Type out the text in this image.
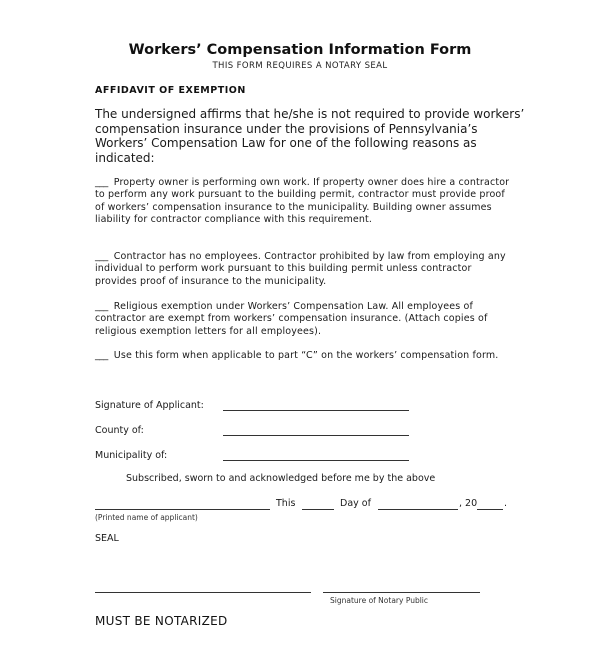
Workers’ Compensation Information Form
THIS FORM REQUIRES A NOTARY SEAL
AFFIDAVIT OF EXEMPTION
The undersigned affirms that he/she is not required to provide workers’ compensation insurance under the provisions of Pennsylvania’s Workers’ Compensation Law for one of the following reasons as indicated:
___ Property owner is performing own work. If property owner does hire a contractor to perform any work pursuant to the building permit, contractor must provide proof of workers’ compensation insurance to the municipality. Building owner assumes liability for contractor compliance with this requirement.
___ Contractor has no employees. Contractor prohibited by law from employing any individual to perform work pursuant to this building permit unless contractor provides proof of insurance to the municipality.
___ Religious exemption under Workers’ Compensation Law. All employees of contractor are exempt from workers’ compensation insurance. (Attach copies of religious exemption letters for all employees).
___ Use this form when applicable to part “C” on the workers’ compensation form.
Signature of Applicant:
County of:
Municipality of:
Subscribed, sworn to and acknowledged before me by the above
This	Day of	, 20	.
(Printed name of applicant)
SEAL
Signature of Notary Public
MUST BE NOTARIZED
